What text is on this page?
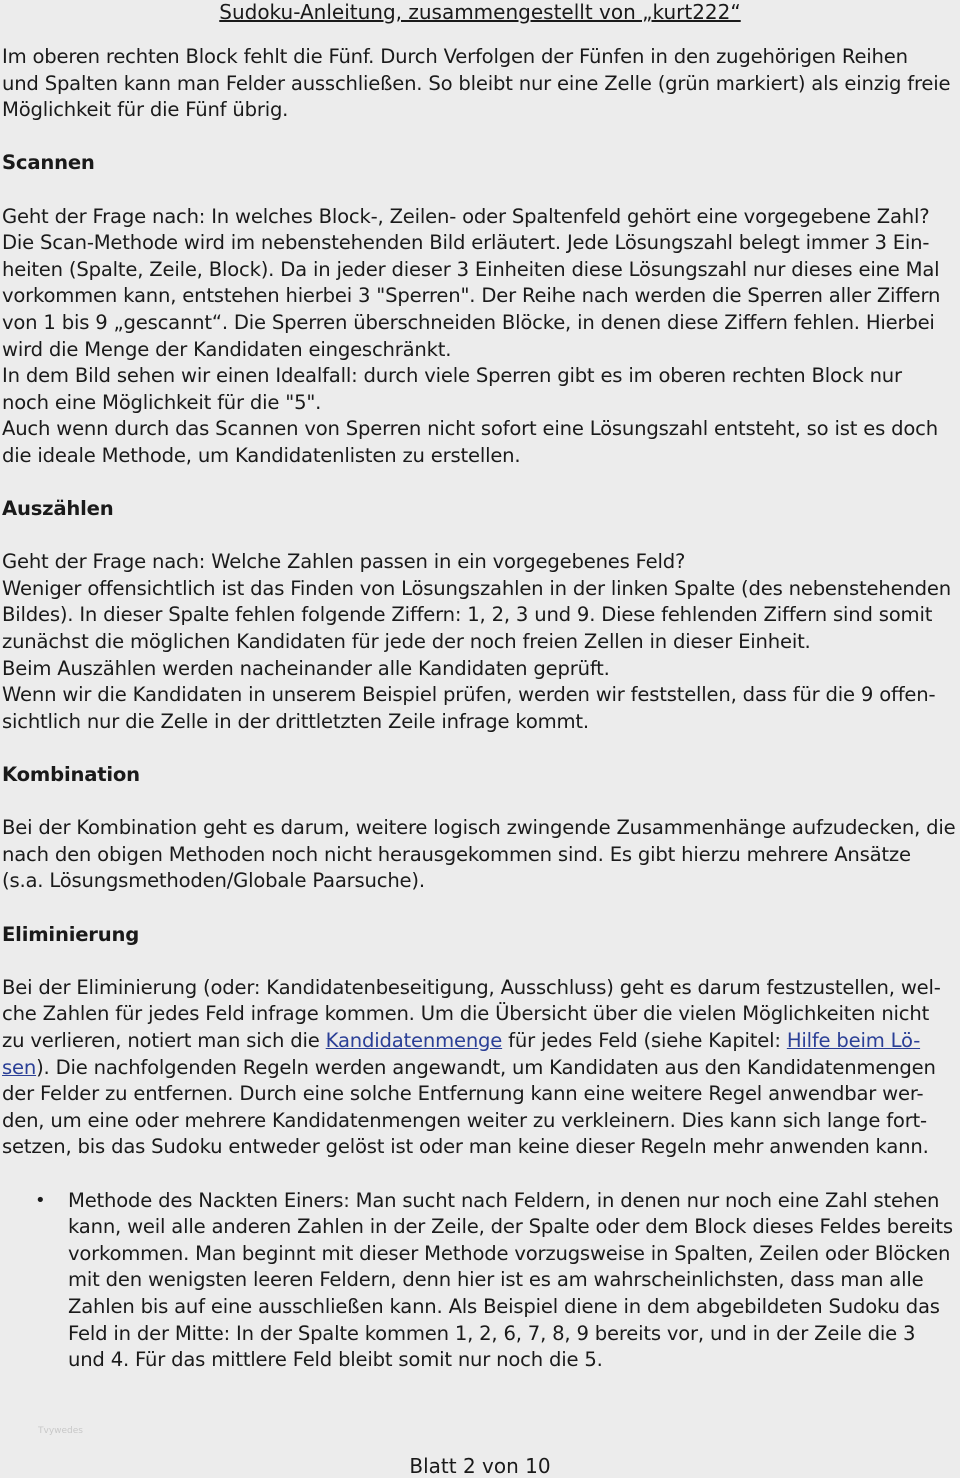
Sudoku-Anleitung, zusammengestellt von „kurt222“
Im oberen rechten Block fehlt die Fünf. Durch Verfolgen der Fünfen in den zugehörigen Reihen
und Spalten kann man Felder ausschließen. So bleibt nur eine Zelle (grün markiert) als einzig freie
Möglichkeit für die Fünf übrig.
Scannen
Geht der Frage nach: In welches Block-, Zeilen- oder Spaltenfeld gehört eine vorgegebene Zahl?
Die Scan-Methode wird im nebenstehenden Bild erläutert. Jede Lösungszahl belegt immer 3 Ein-
heiten (Spalte, Zeile, Block). Da in jeder dieser 3 Einheiten diese Lösungszahl nur dieses eine Mal
vorkommen kann, entstehen hierbei 3 "Sperren". Der Reihe nach werden die Sperren aller Ziffern
von 1 bis 9 „gescannt“. Die Sperren überschneiden Blöcke, in denen diese Ziffern fehlen. Hierbei
wird die Menge der Kandidaten eingeschränkt.
In dem Bild sehen wir einen Idealfall: durch viele Sperren gibt es im oberen rechten Block nur
noch eine Möglichkeit für die "5".
Auch wenn durch das Scannen von Sperren nicht sofort eine Lösungszahl entsteht, so ist es doch
die ideale Methode, um Kandidatenlisten zu erstellen.
Auszählen
Geht der Frage nach: Welche Zahlen passen in ein vorgegebenes Feld?
Weniger offensichtlich ist das Finden von Lösungszahlen in der linken Spalte (des nebenstehenden
Bildes). In dieser Spalte fehlen folgende Ziffern: 1, 2, 3 und 9. Diese fehlenden Ziffern sind somit
zunächst die möglichen Kandidaten für jede der noch freien Zellen in dieser Einheit.
Beim Auszählen werden nacheinander alle Kandidaten geprüft.
Wenn wir die Kandidaten in unserem Beispiel prüfen, werden wir feststellen, dass für die 9 offen-
sichtlich nur die Zelle in der drittletzten Zeile infrage kommt.
Kombination
Bei der Kombination geht es darum, weitere logisch zwingende Zusammenhänge aufzudecken, die
nach den obigen Methoden noch nicht herausgekommen sind. Es gibt hierzu mehrere Ansätze
(s.a. Lösungsmethoden/Globale Paarsuche).
Eliminierung
Bei der Eliminierung (oder: Kandidatenbeseitigung, Ausschluss) geht es darum festzustellen, wel-
che Zahlen für jedes Feld infrage kommen. Um die Übersicht über die vielen Möglichkeiten nicht
zu verlieren, notiert man sich die Kandidatenmenge für jedes Feld (siehe Kapitel: Hilfe beim Lö-
sen). Die nachfolgenden Regeln werden angewandt, um Kandidaten aus den Kandidatenmengen
der Felder zu entfernen. Durch eine solche Entfernung kann eine weitere Regel anwendbar wer-
den, um eine oder mehrere Kandidatenmengen weiter zu verkleinern. Dies kann sich lange fort-
setzen, bis das Sudoku entweder gelöst ist oder man keine dieser Regeln mehr anwenden kann.
• Methode des Nackten Einers: Man sucht nach Feldern, in denen nur noch eine Zahl stehen
kann, weil alle anderen Zahlen in der Zeile, der Spalte oder dem Block dieses Feldes bereits
vorkommen. Man beginnt mit dieser Methode vorzugsweise in Spalten, Zeilen oder Blöcken
mit den wenigsten leeren Feldern, denn hier ist es am wahrscheinlichsten, dass man alle
Zahlen bis auf eine ausschließen kann. Als Beispiel diene in dem abgebildeten Sudoku das
Feld in der Mitte: In der Spalte kommen 1, 2, 6, 7, 8, 9 bereits vor, und in der Zeile die 3
und 4. Für das mittlere Feld bleibt somit nur noch die 5.
Tvywedes
Blatt 2 von 10
